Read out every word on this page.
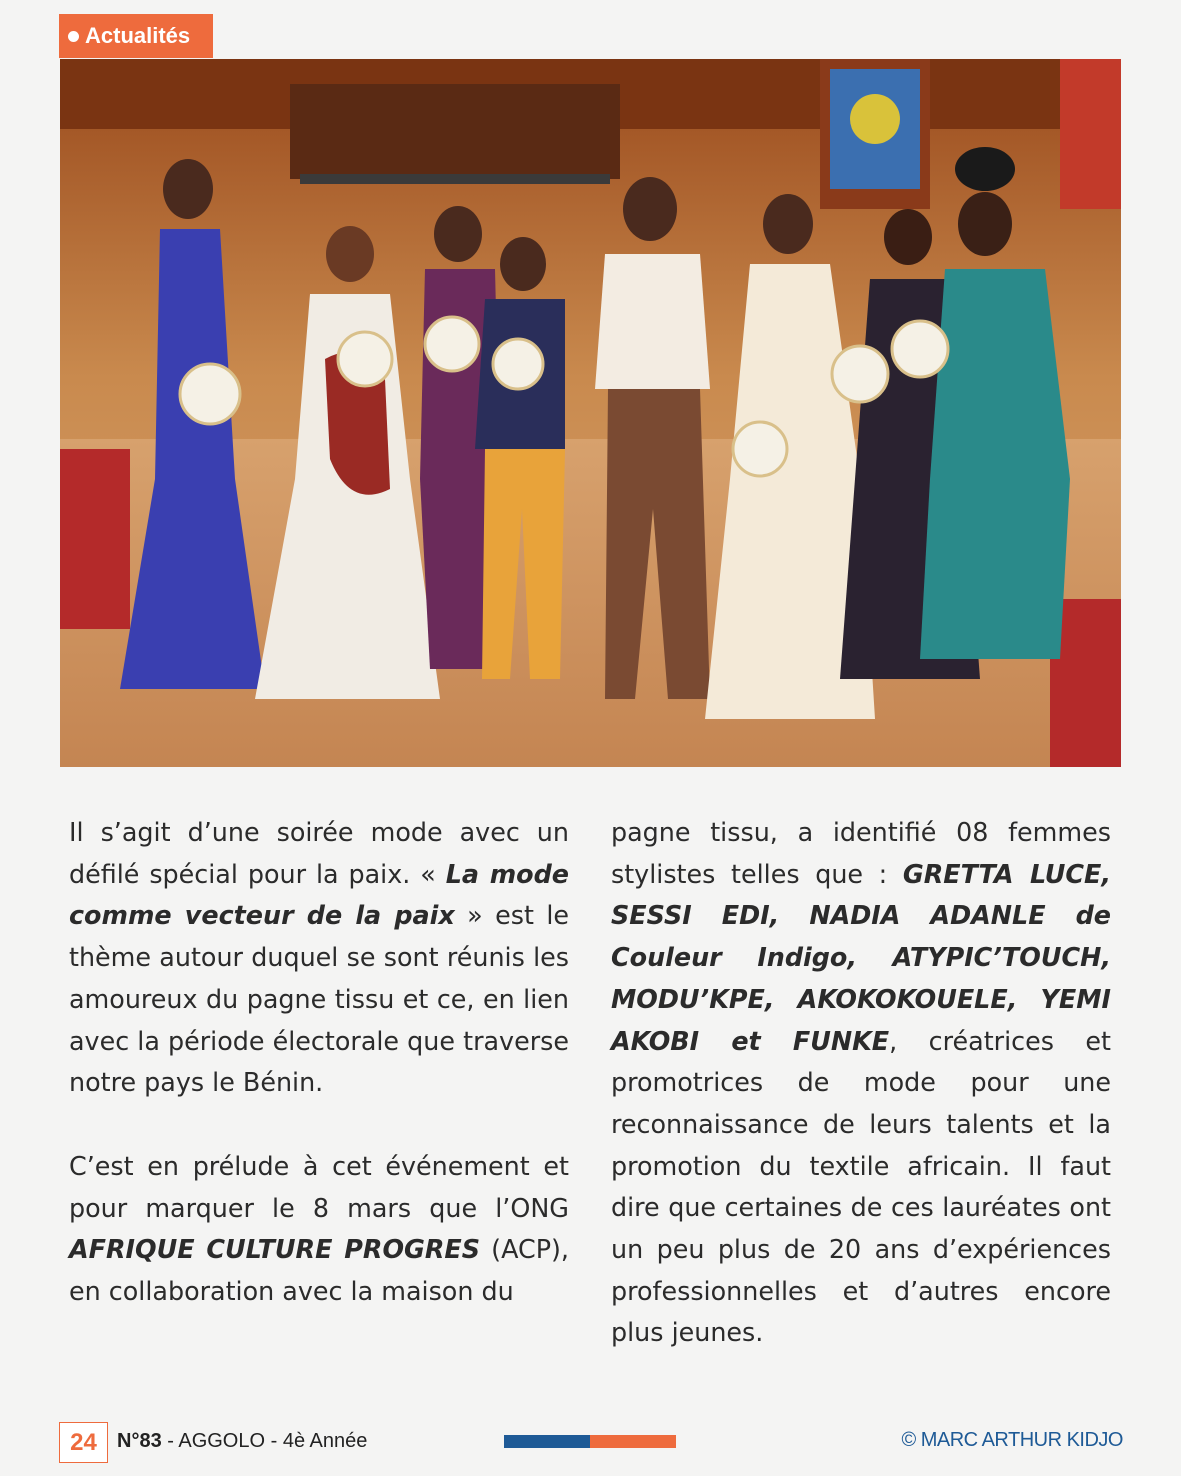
Actualités

Il s’agit d’une soirée mode avec un défilé spécial pour la paix. « La mode comme vecteur de la paix » est le thème autour duquel se sont réunis les amoureux du pagne tissu et ce, en lien avec la période électorale que traverse notre pays le Bénin.

C’est en prélude à cet événement et pour marquer le 8 mars que l’ONG AFRIQUE CULTURE PROGRES (ACP), en collaboration avec la maison du

pagne tissu, a identifié 08 femmes stylistes telles que : GRETTA LUCE, SESSI EDI, NADIA ADANLE de Couleur Indigo, ATYPIC’TOUCH, MODU’KPE, AKOKOKOUELE, YEMI AKOBI et FUNKE, créatrices et promotrices de mode pour une reconnaissance de leurs talents et la promotion du textile africain. Il faut dire que certaines de ces lauréates ont un peu plus de 20 ans d’expériences professionnelles et d’autres encore plus jeunes.

24	N°83 - AGGOLO - 4è Année	© MARC ARTHUR KIDJO
